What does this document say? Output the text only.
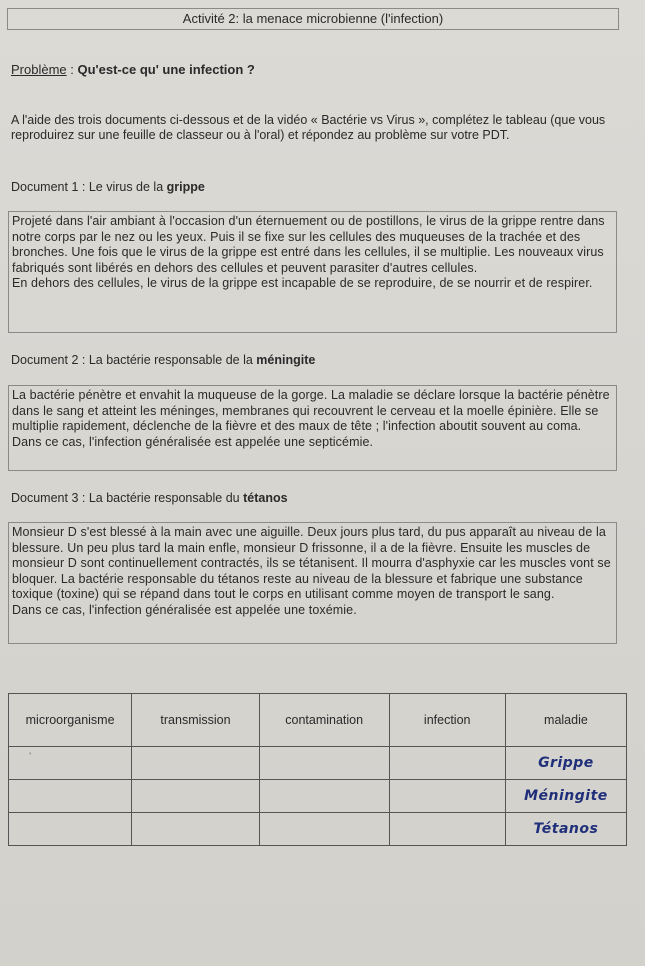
Activité 2: la menace microbienne (l'infection)
Problème : Qu'est-ce qu' une infection ?
A l'aide des trois documents ci-dessous et de la vidéo « Bactérie vs Virus », complétez le tableau (que vous reproduirez sur une feuille de classeur ou à l'oral) et répondez au problème sur votre PDT.
Document 1 : Le virus de la grippe

Projeté dans l'air ambiant à l'occasion d'un éternuement ou de postillons, le virus de la grippe rentre dans notre corps par le nez ou les yeux. Puis il se fixe sur les cellules des muqueuses de la trachée et des bronches. Une fois que le virus de la grippe est entré dans les cellules, il se multiplie. Les nouveaux virus fabriqués sont libérés en dehors des cellules et peuvent parasiter d'autres cellules.

En dehors des cellules, le virus de la grippe est incapable de se reproduire, de se nourrir et de respirer.

Document 2 : La bactérie responsable de la méningite

La bactérie pénètre et envahit la muqueuse de la gorge. La maladie se déclare lorsque la bactérie pénètre dans le sang et atteint les méninges, membranes qui recouvrent le cerveau et la moelle épinière. Elle se multiplie rapidement, déclenche de la fièvre et des maux de tête ; l'infection aboutit souvent au coma.

Dans ce cas, l'infection généralisée est appelée une septicémie.

Document 3 : La bactérie responsable du tétanos

Monsieur D s'est blessé à la main avec une aiguille. Deux jours plus tard, du pus apparaît au niveau de la blessure. Un peu plus tard la main enfle, monsieur D frissonne, il a de la fièvre. Ensuite les muscles de monsieur D sont continuellement contractés, ils se tétanisent. Il mourra d'asphyxie car les muscles vont se bloquer. La bactérie responsable du tétanos reste au niveau de la blessure et fabrique une substance toxique (toxine) qui se répand dans tout le corps en utilisant comme moyen de transport le sang.

Dans ce cas, l'infection généralisée est appelée une toxémie.

microorganisme	transmission	contamination	infection	maladie
'				Grippe
				Méningite
				Tétanos
